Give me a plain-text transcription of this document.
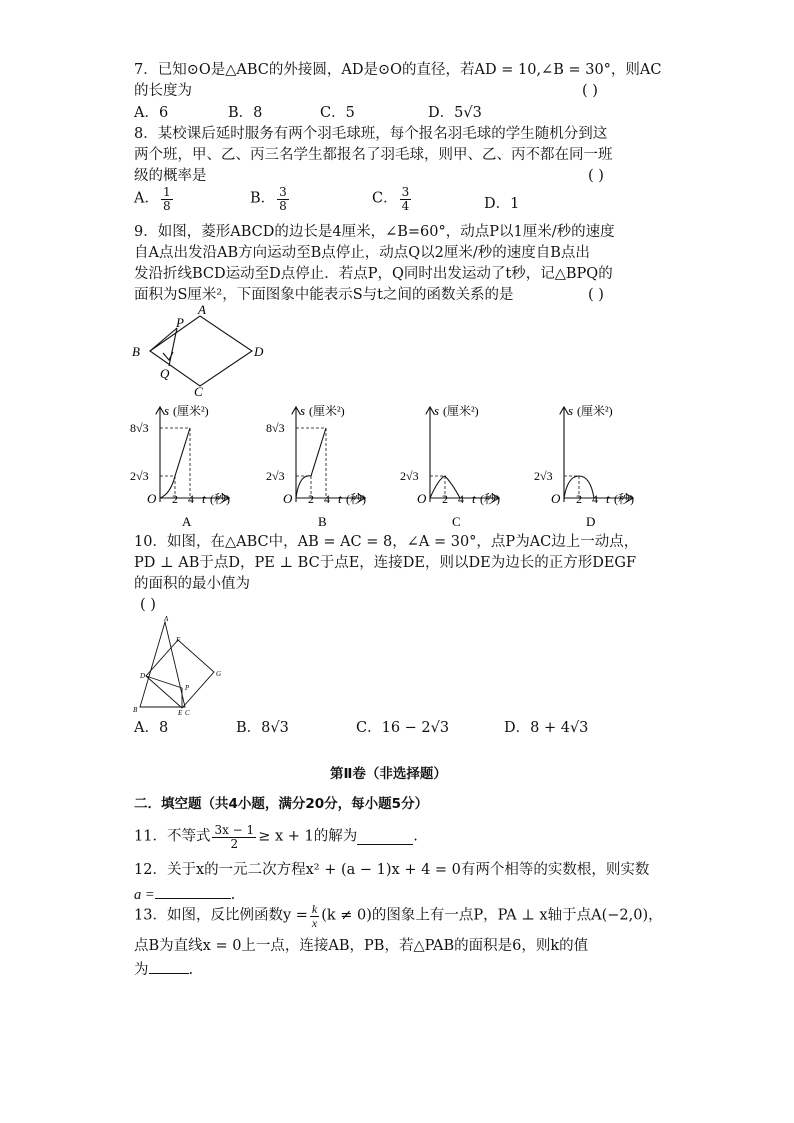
7．已知⊙O是△ABC的外接圆，AD是⊙O的直径，若AD = 10,∠B = 30°，则AC
的长度为	( )
A．6	B．8	C．5	D．5√3
8．某校课后延时服务有两个羽毛球班，每个报名羽毛球的学生随机分到这
两个班，甲、乙、丙三名学生都报名了羽毛球，则甲、乙、丙不都在同一班
级的概率是	( )
A． $\frac{1}{8}$	B． $\frac{3}{8}$	C． $\frac{3}{4}$	D．1
9．如图，菱形ABCD的边长是4厘米，∠B=60°，动点P以1厘米/秒的速度
自A点出发沿AB方向运动至B点停止，动点Q以2厘米/秒的速度自B点出
发沿折线BCD运动至D点停止．若点P，Q同时出发运动了t秒，记△BPQ的
面积为S厘米²，下面图象中能表示S与t之间的函数关系的是	( )
A
P
B	D
Q
C
s (厘米²)
t (秒)
O 2 4
8√3
2√3
A
s (厘米²)
t (秒)
O 2 4
8√3
2√3
B
s (厘米²)
t (秒)
O 2 4
2√3
C
s (厘米²)
t (秒)
O 2 4
2√3
D
10．如图，在△ABC中，AB = AC = 8，∠A = 30°，点P为AC边上一动点，
PD ⊥ AB于点D，PE ⊥ BC于点E，连接DE，则以DE为边长的正方形DEGF
的面积的最小值为
( )
A
F
G
D
P
B	E C
A．8	B．8√3	C．16 − 2√3	D．8 + 4√3
第Ⅱ卷（非选择题）
二．填空题（共4小题，满分20分，每小题5分）
11．不等式 $\frac{3x - 1}{2} \ge x + 1$的解为	.
12．关于x的一元二次方程x² + (a − 1)x + 4 = 0有两个相等的实数根，则实数
a =	.
13．如图，反比例函数$y = \frac{k}{x} (k \ne 0)$的图象上有一点P，PA ⊥ x轴于点A(−2,0)，
点B为直线x = 0上一点，连接AB，PB，若△PAB的面积是6，则k的值
为	.
